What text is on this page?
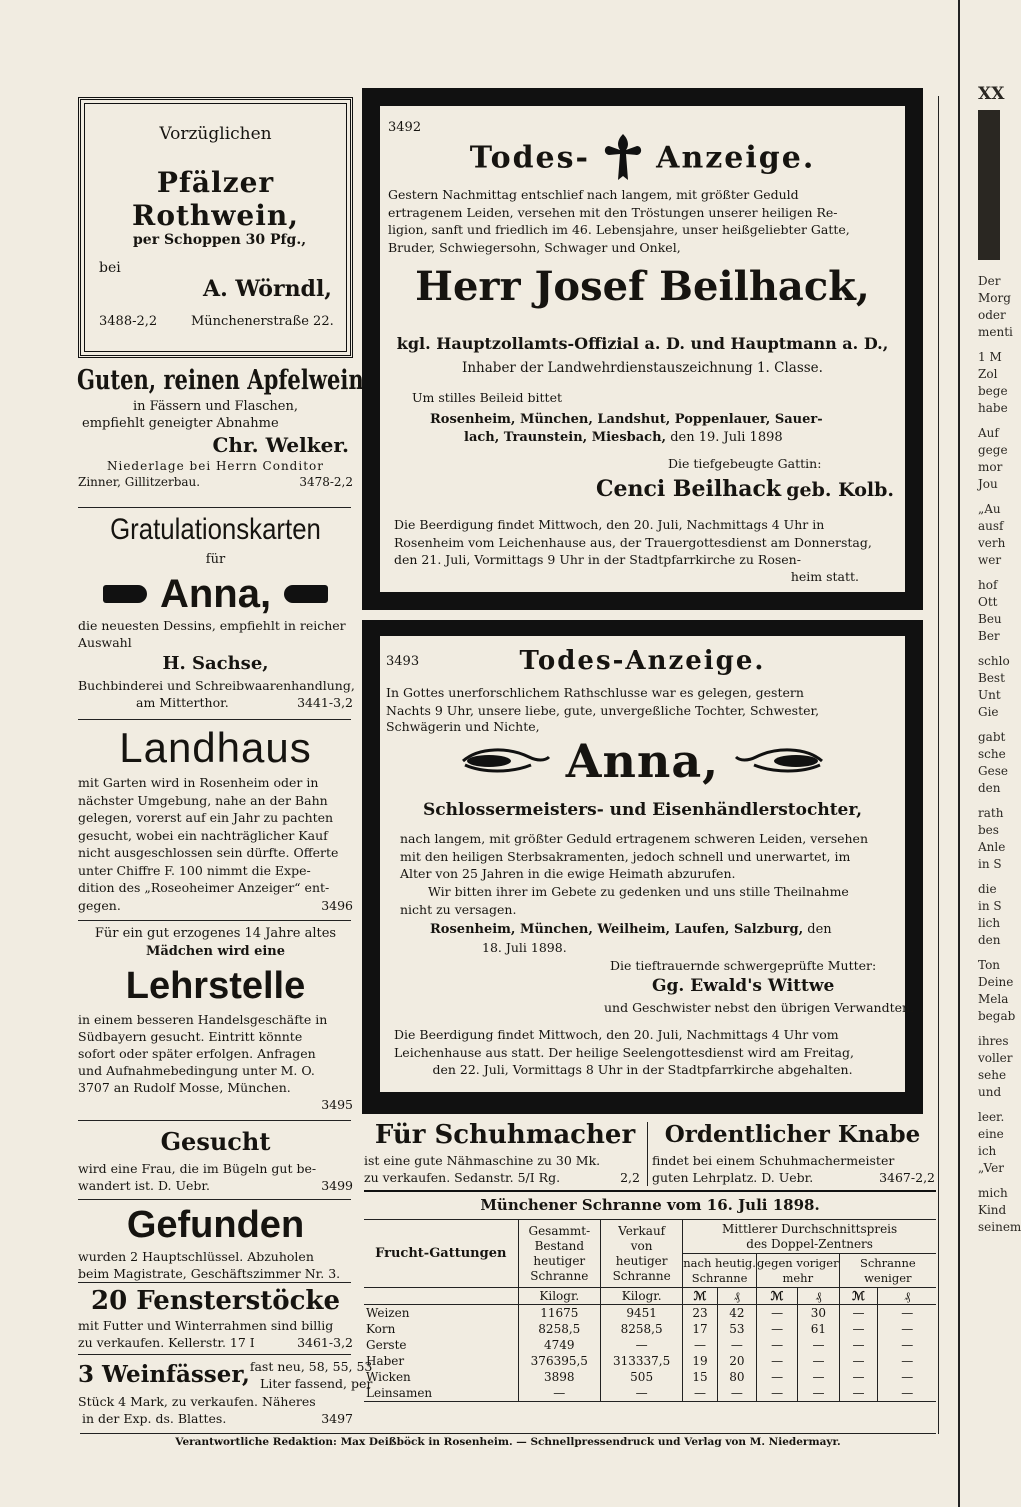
Vorzüglichen
Pfälzer Rothwein,
per Schoppen 30 Pfg.,
bei
A. Wörndl,
3488-2,2	Münchenerstraße 22.
Guten, reinen Apfelwein
in Fässern und Flaschen,
empfiehlt geneigter Abnahme
Chr. Welker.
Niederlage bei Herrn Conditor
Zinner, Gillitzerbau.	3478-2,2
Gratulationskarten
für
Anna,
die neuesten Dessins, empfiehlt in reicher
Auswahl
H. Sachse,
Buchbinderei und Schreibwaarenhandlung,
am Mitterthor.	3441-3,2
Landhaus
mit Garten wird in Rosenheim oder in
nächster Umgebung, nahe an der Bahn
gelegen, vorerst auf ein Jahr zu pachten
gesucht, wobei ein nachträglicher Kauf
nicht ausgeschlossen sein dürfte. Offerte
unter Chiffre F. 100 nimmt die Expe-
dition des „Roseoheimer Anzeiger“ ent-
gegen.	3496
Für ein gut erzogenes 14 Jahre altes
Mädchen wird eine
Lehrstelle
in einem besseren Handelsgeschäfte in
Südbayern gesucht. Eintritt könnte
sofort oder später erfolgen. Anfragen
und Aufnahmebedingung unter M. O.
3707 an Rudolf Mosse, München.
3495
Gesucht
wird eine Frau, die im Bügeln gut be-
wandert ist. D. Uebr.	3499
Gefunden
wurden 2 Hauptschlüssel. Abzuholen
beim Magistrate, Geschäftszimmer Nr. 3.
20 Fensterstöcke
mit Futter und Winterrahmen sind billig
zu verkaufen. Kellerstr. 17 I	3461-3,2
3 Weinfässer, fast neu, 58, 55, 53
Liter fassend, per
Stück 4 Mark, zu verkaufen. Näheres
in der Exp. ds. Blattes.	3497
3492
Todes- Anzeige.
Gestern Nachmittag entschlief nach langem, mit größter Geduld
ertragenem Leiden, versehen mit den Tröstungen unserer heiligen Re-
ligion, sanft und friedlich im 46. Lebensjahre, unser heißgeliebter Gatte,
Bruder, Schwiegersohn, Schwager und Onkel,
Herr Josef Beilhack,
kgl. Hauptzollamts-Offizial a. D. und Hauptmann a. D.,
Inhaber der Landwehrdienstauszeichnung 1. Classe.
Um stilles Beileid bittet
Rosenheim, München, Landshut, Poppenlauer, Sauer-
lach, Traunstein, Miesbach, den 19. Juli 1898
Die tiefgebeugte Gattin:
Cenci Beilhack geb. Kolb.
Die Beerdigung findet Mittwoch, den 20. Juli, Nachmittags 4 Uhr in
Rosenheim vom Leichenhause aus, der Trauergottesdienst am Donnerstag,
den 21. Juli, Vormittags 9 Uhr in der Stadtpfarrkirche zu Rosen-
heim statt.
3493	Todes-Anzeige.
In Gottes unerforschlichem Rathschlusse war es gelegen, gestern
Nachts 9 Uhr, unsere liebe, gute, unvergeßliche Tochter, Schwester,
Schwägerin und Nichte,
Anna,
Schlossermeisters- und Eisenhändlerstochter,
nach langem, mit größter Geduld ertragenem schweren Leiden, versehen
mit den heiligen Sterbsakramenten, jedoch schnell und unerwartet, im
Alter von 25 Jahren in die ewige Heimath abzurufen.
Wir bitten ihrer im Gebete zu gedenken und uns stille Theilnahme
nicht zu versagen.
Rosenheim, München, Weilheim, Laufen, Salzburg, den
18. Juli 1898.
Die tieftrauernde schwergeprüfte Mutter:
Gg. Ewald's Wittwe
und Geschwister nebst den übrigen Verwandten.
Die Beerdigung findet Mittwoch, den 20. Juli, Nachmittags 4 Uhr vom
Leichenhause aus statt. Der heilige Seelengottesdienst wird am Freitag,
den 22. Juli, Vormittags 8 Uhr in der Stadtpfarrkirche abgehalten.
Für Schuhmacher
ist eine gute Nähmaschine zu 30 Mk.
zu verkaufen. Sedanstr. 5/I Rg.	2,2
Ordentlicher Knabe
findet bei einem Schuhmachermeister
guten Lehrplatz. D. Uebr.	3467-2,2
Münchener Schranne vom 16. Juli 1898.
Frucht-Gattungen	Gesammt-
Bestand
heutiger
Schranne	Verkauf
von
heutiger
Schranne	Mittlerer Durchschnittspreis
des Doppel-Zentners					

			nach heutig.
Schranne		gegen voriger
mehr		Schranne
weniger	

	Kilogr.	Kilogr.	ℳ	₰	ℳ	₰	ℳ	₰
Weizen	11675	9451	23	42	—	30	—	—
Korn	8258,5	8258,5	17	53	—	61	—	—
Gerste	4749	—	—	—	—	—	—	—
Haber	376395,5	313337,5	19	20	—	—	—	—
Wicken	3898	505	15	80	—	—	—	—
Leinsamen	—	—	—	—	—	—	—	—
Verantwortliche Redaktion: Max Deißböck in Rosenheim. — Schnellpressendruck und Verlag von M. Niedermayr.
XX
Der
Morg
oder
menti
1 M
Zol
bege
habe
Auf
gege
mor
Jou
„Au
ausf
verh
wer
hof
Ott
Beu
Ber
schlo
Best
Unt
Gie
gabt
sche
Gese
den
rath
bes
Anle
in S
die
in S
lich
den
Ton
Deine
Mela
begab
ihres
voller
sehe
und
leer.
eine
ich
„Ver
mich
Kind
seinem
